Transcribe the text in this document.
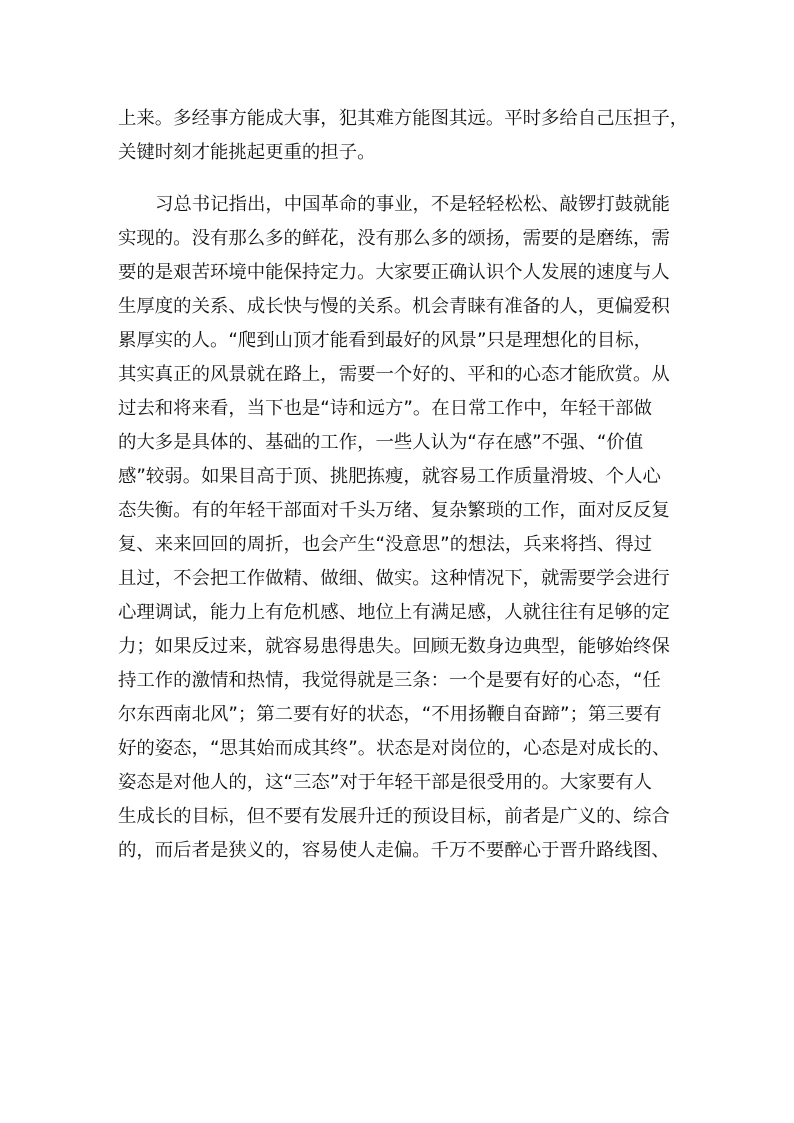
上来。多经事方能成大事，犯其难方能图其远。平时多给自己压担子，
关键时刻才能挑起更重的担子。
习总书记指出，中国革命的事业，不是轻轻松松、敲锣打鼓就能
实现的。没有那么多的鲜花，没有那么多的颂扬，需要的是磨练，需
要的是艰苦环境中能保持定力。大家要正确认识个人发展的速度与人
生厚度的关系、成长快与慢的关系。机会青睐有准备的人，更偏爱积
累厚实的人。“爬到山顶才能看到最好的风景”只是理想化的目标，
其实真正的风景就在路上，需要一个好的、平和的心态才能欣赏。从
过去和将来看，当下也是“诗和远方”。在日常工作中，年轻干部做
的大多是具体的、基础的工作，一些人认为“存在感”不强、“价值
感”较弱。如果目高于顶、挑肥拣瘦，就容易工作质量滑坡、个人心
态失衡。有的年轻干部面对千头万绪、复杂繁琐的工作，面对反反复
复、来来回回的周折，也会产生“没意思”的想法，兵来将挡、得过
且过，不会把工作做精、做细、做实。这种情况下，就需要学会进行
心理调试，能力上有危机感、地位上有满足感，人就往往有足够的定
力；如果反过来，就容易患得患失。回顾无数身边典型，能够始终保
持工作的激情和热情，我觉得就是三条：一个是要有好的心态，“任
尔东西南北风”；第二要有好的状态，“不用扬鞭自奋蹄”；第三要有
好的姿态，“思其始而成其终”。状态是对岗位的，心态是对成长的、
姿态是对他人的，这“三态”对于年轻干部是很受用的。大家要有人
生成长的目标，但不要有发展升迁的预设目标，前者是广义的、综合
的，而后者是狭义的，容易使人走偏。千万不要醉心于晋升路线图、
